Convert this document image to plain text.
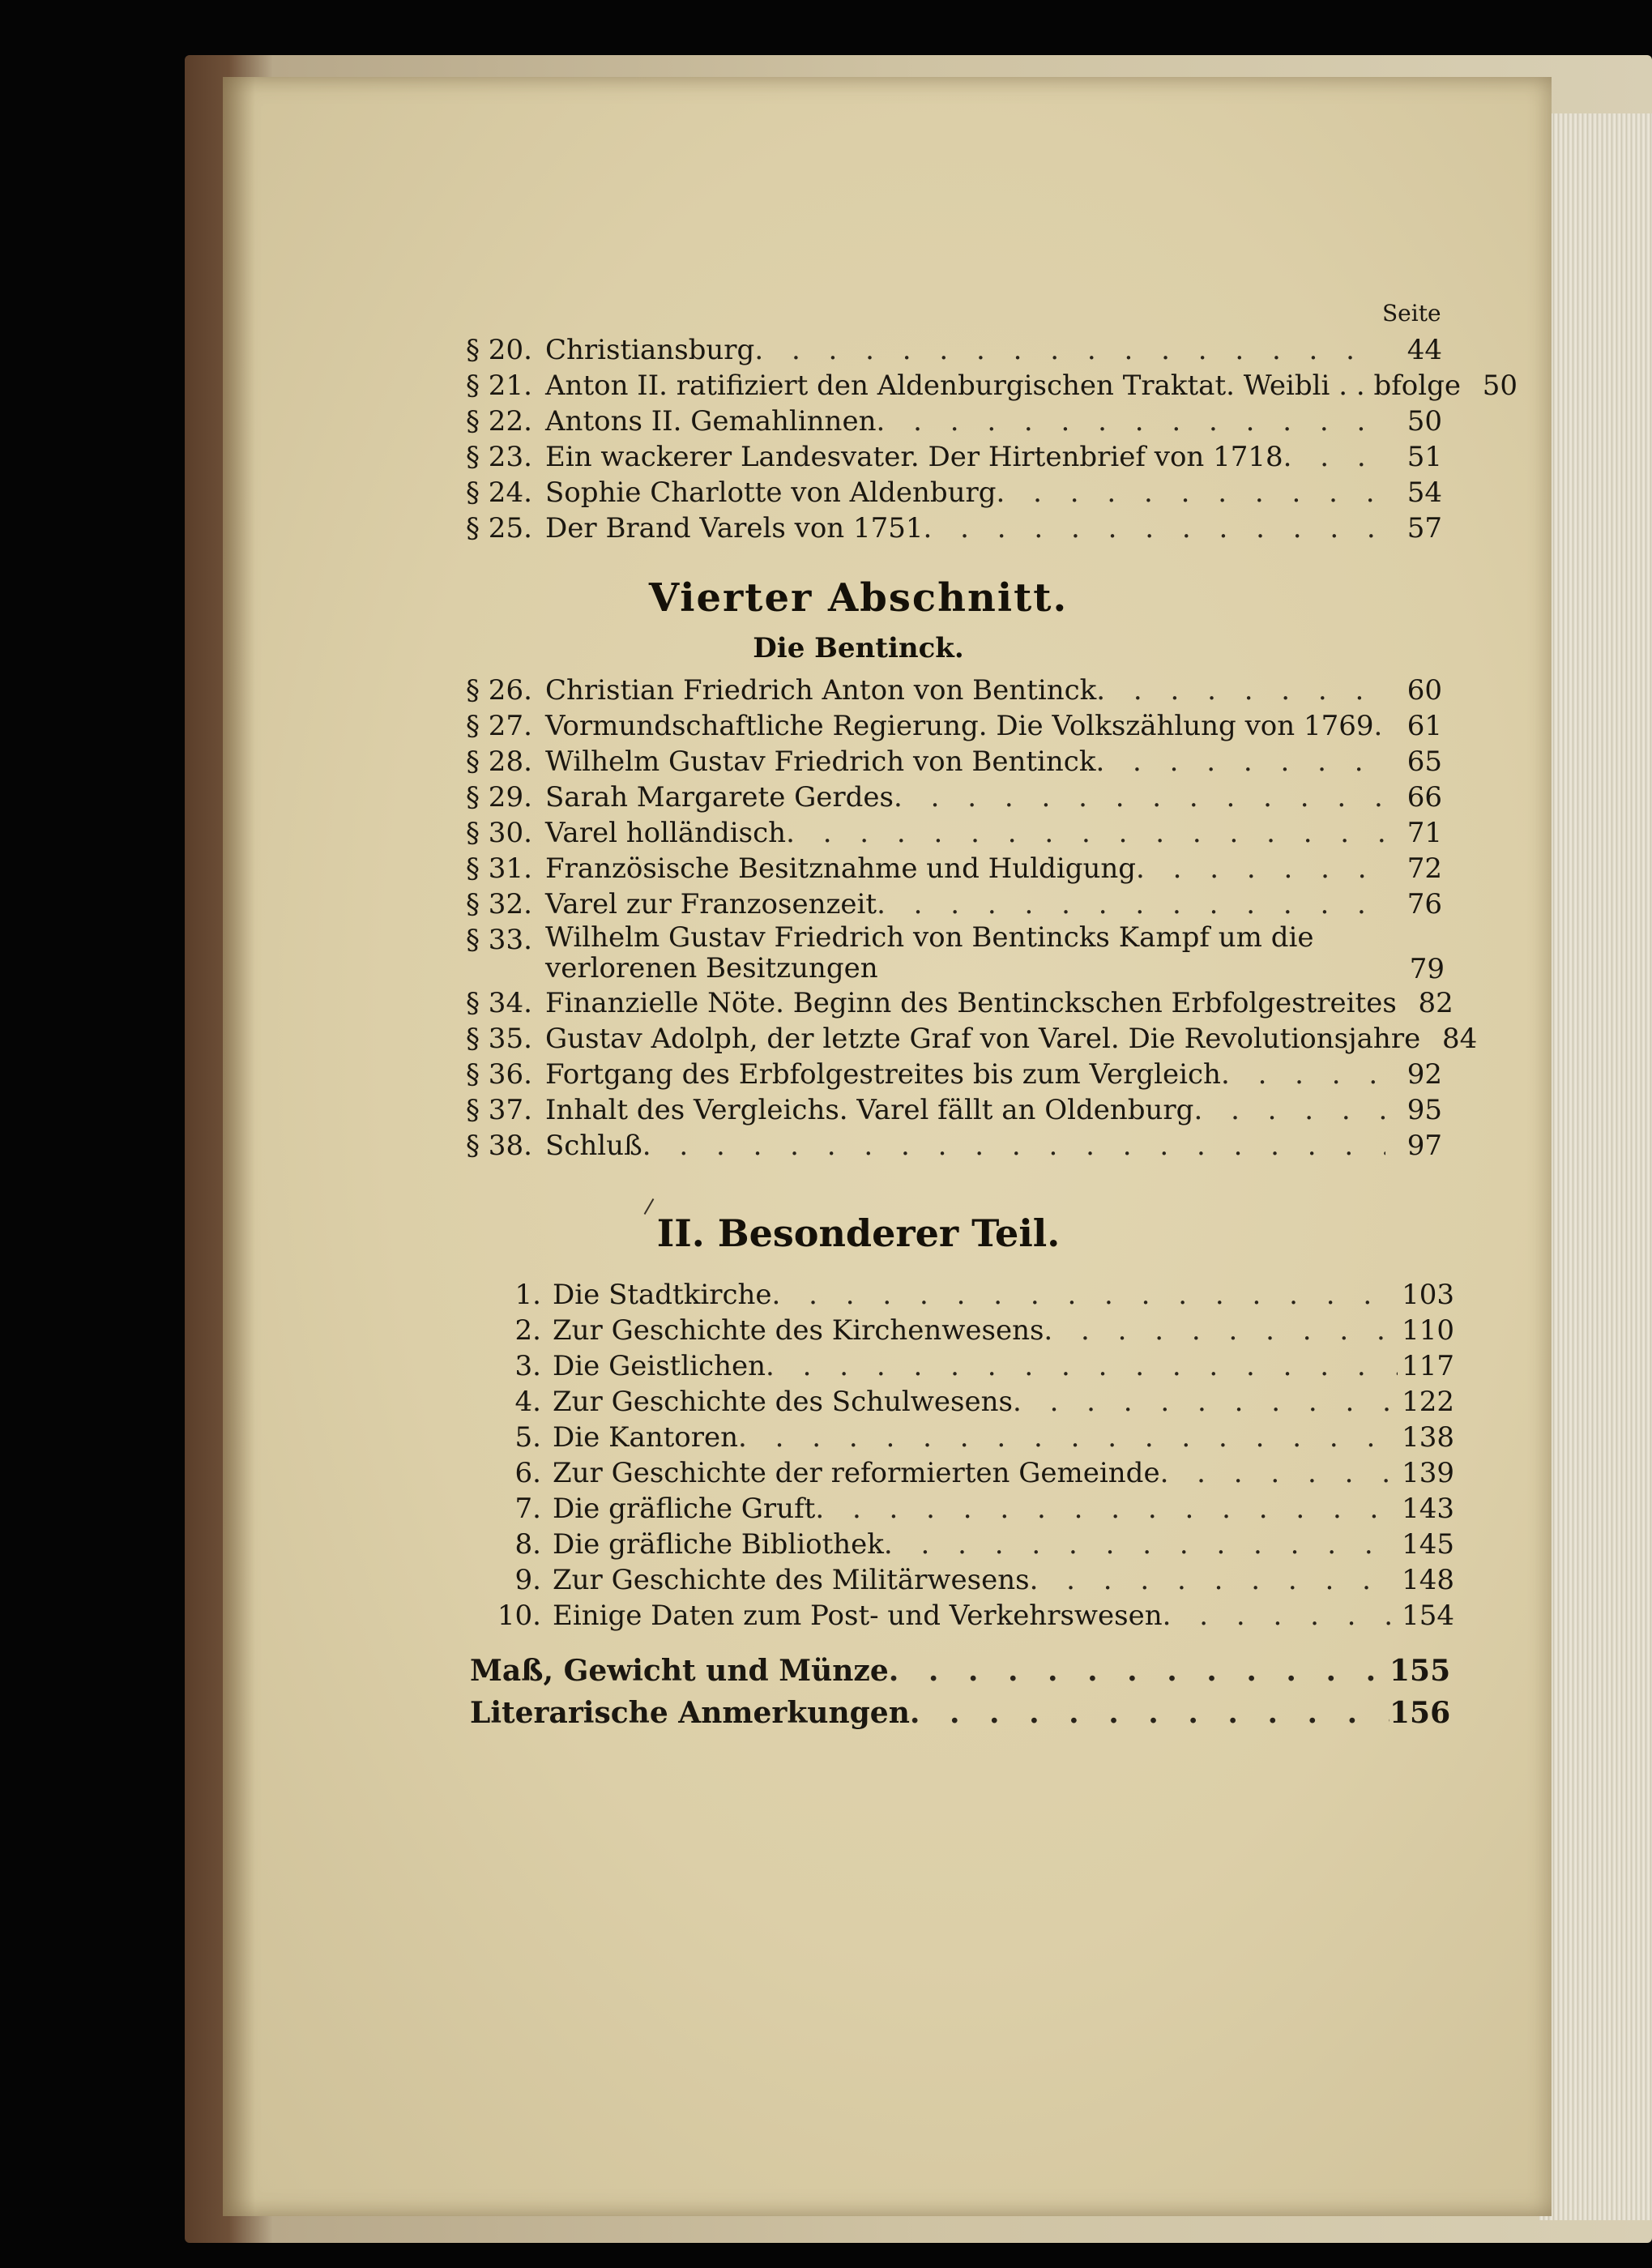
Seite
§ 20. Christiansburg . . .	44
§ 21. Anton II. ratifiziert den Aldenburgischen Traktat. Weibli . . bfolge 50
§ 22. Antons II. Gemahlinnen . . .	50
§ 23. Ein wackerer Landesvater. Der Hirtenbrief von 1718 . . .	51
§ 24. Sophie Charlotte von Aldenburg . . .	54
§ 25. Der Brand Varels von 1751 . . .	57
Vierter Abschnitt.
Die Bentinck.
§ 26. Christian Friedrich Anton von Bentinck . . .	60
§ 27. Vormundschaftliche Regierung. Die Volkszählung von 1769 . . .	61
§ 28. Wilhelm Gustav Friedrich von Bentinck . . .	65
§ 29. Sarah Margarete Gerdes . . .	66
§ 30. Varel holländisch . . .	71
§ 31. Französische Besitznahme und Huldigung . . .	72
§ 32. Varel zur Franzosenzeit . . .	76
§ 33. Wilhelm Gustav Friedrich von Bentincks Kampf um die verlorenen Besitzungen	79
§ 34. Finanzielle Nöte. Beginn des Bentinckschen Erbfolgestreites 82
§ 35. Gustav Adolph, der letzte Graf von Varel. Die Revolutionsjahre 84
§ 36. Fortgang des Erbfolgestreites bis zum Vergleich . . .	92
§ 37. Inhalt des Vergleichs. Varel fällt an Oldenburg . . .	95
§ 38. Schluß . . .	97
II. Besonderer Teil.
1. Die Stadtkirche . . .	103
2. Zur Geschichte des Kirchenwesens . . .	110
3. Die Geistlichen . . .	117
4. Zur Geschichte des Schulwesens . . .	122
5. Die Kantoren . . .	138
6. Zur Geschichte der reformierten Gemeinde . . .	139
7. Die gräfliche Gruft . . .	143
8. Die gräfliche Bibliothek . . .	145
9. Zur Geschichte des Militärwesens . . .	148
10. Einige Daten zum Post- und Verkehrswesen . . .	154
Maß, Gewicht und Münze . . .	155
Literarische Anmerkungen . . .	156
